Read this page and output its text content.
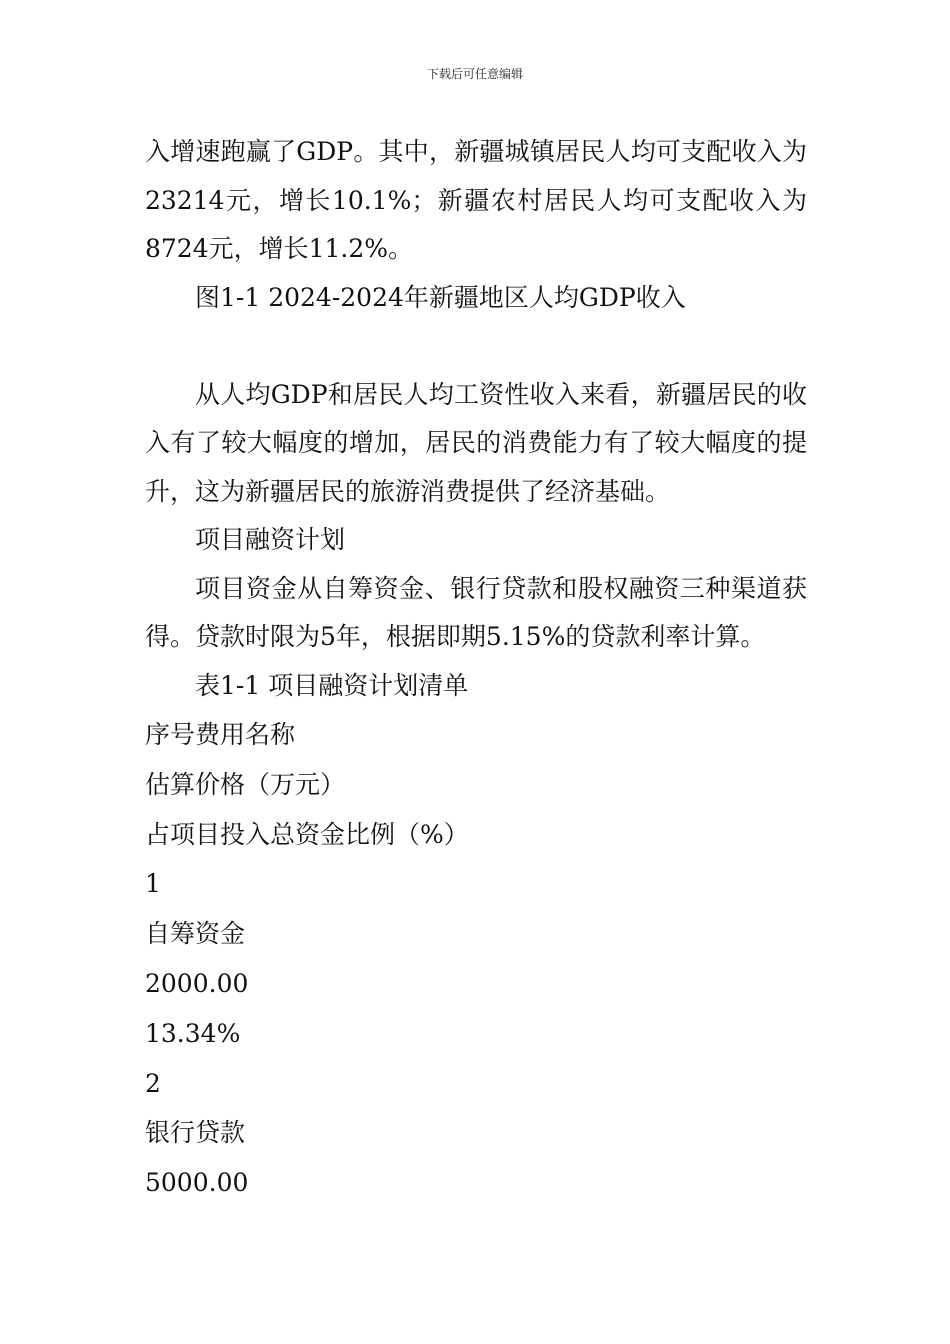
下载后可任意编辑

入增速跑赢了GDP。其中，新疆城镇居民人均可支配收入为23214元，增长10.1%；新疆农村居民人均可支配收入为8724元，增长11.2%。

图1-1 2024-2024年新疆地区人均GDP收入

从人均GDP和居民人均工资性收入来看，新疆居民的收入有了较大幅度的增加，居民的消费能力有了较大幅度的提升，这为新疆居民的旅游消费提供了经济基础。

项目融资计划

项目资金从自筹资金、银行贷款和股权融资三种渠道获得。贷款时限为5年，根据即期5.15%的贷款利率计算。

表1-1 项目融资计划清单

序号费用名称

估算价格（万元）

占项目投入总资金比例（%）

1

自筹资金

2000.00

13.34%

2

银行贷款

5000.00
